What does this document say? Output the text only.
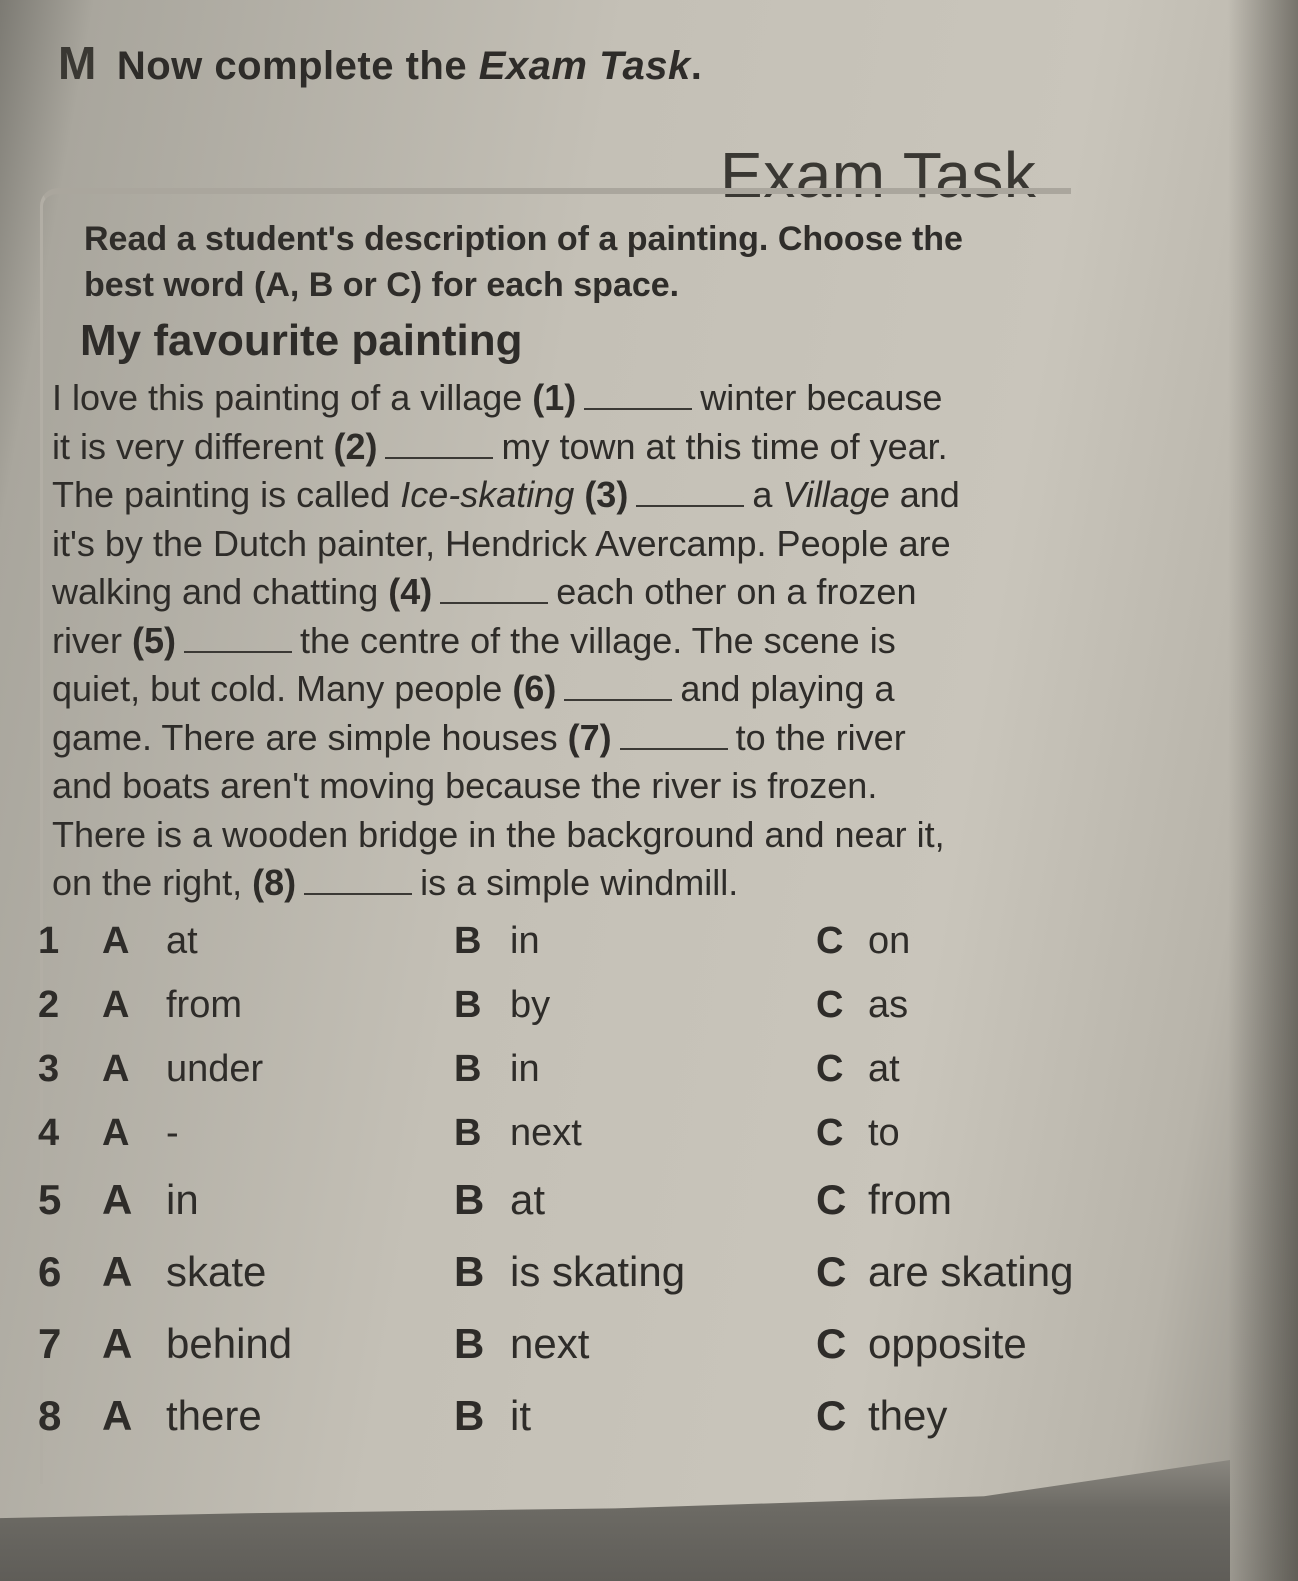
M Now complete the Exam Task.
Exam Task
Read a student's description of a painting. Choose the
best word (A, B or C) for each space.
My favourite painting
I love this painting of a village (1)	winter because
it is very different (2)	my town at this time of year.
The painting is called Ice-skating (3)	a Village and
it's by the Dutch painter, Hendrick Avercamp. People are
walking and chatting (4)	each other on a frozen
river (5)	the centre of the village. The scene is
quiet, but cold. Many people (6)	and playing a
game. There are simple houses (7)	to the river
and boats aren't moving because the river is frozen.
There is a wooden bridge in the background and near it,
on the right, (8)	is a simple windmill.
1 A at	B in	C on
2 A from	B by	C as
3 A under	B in	C at
4 A -	B next	C to
5 A in	B at	C from
6 A skate	B is skating	C are skating
7 A behind	B next	C opposite
8 A there	B it	C they
